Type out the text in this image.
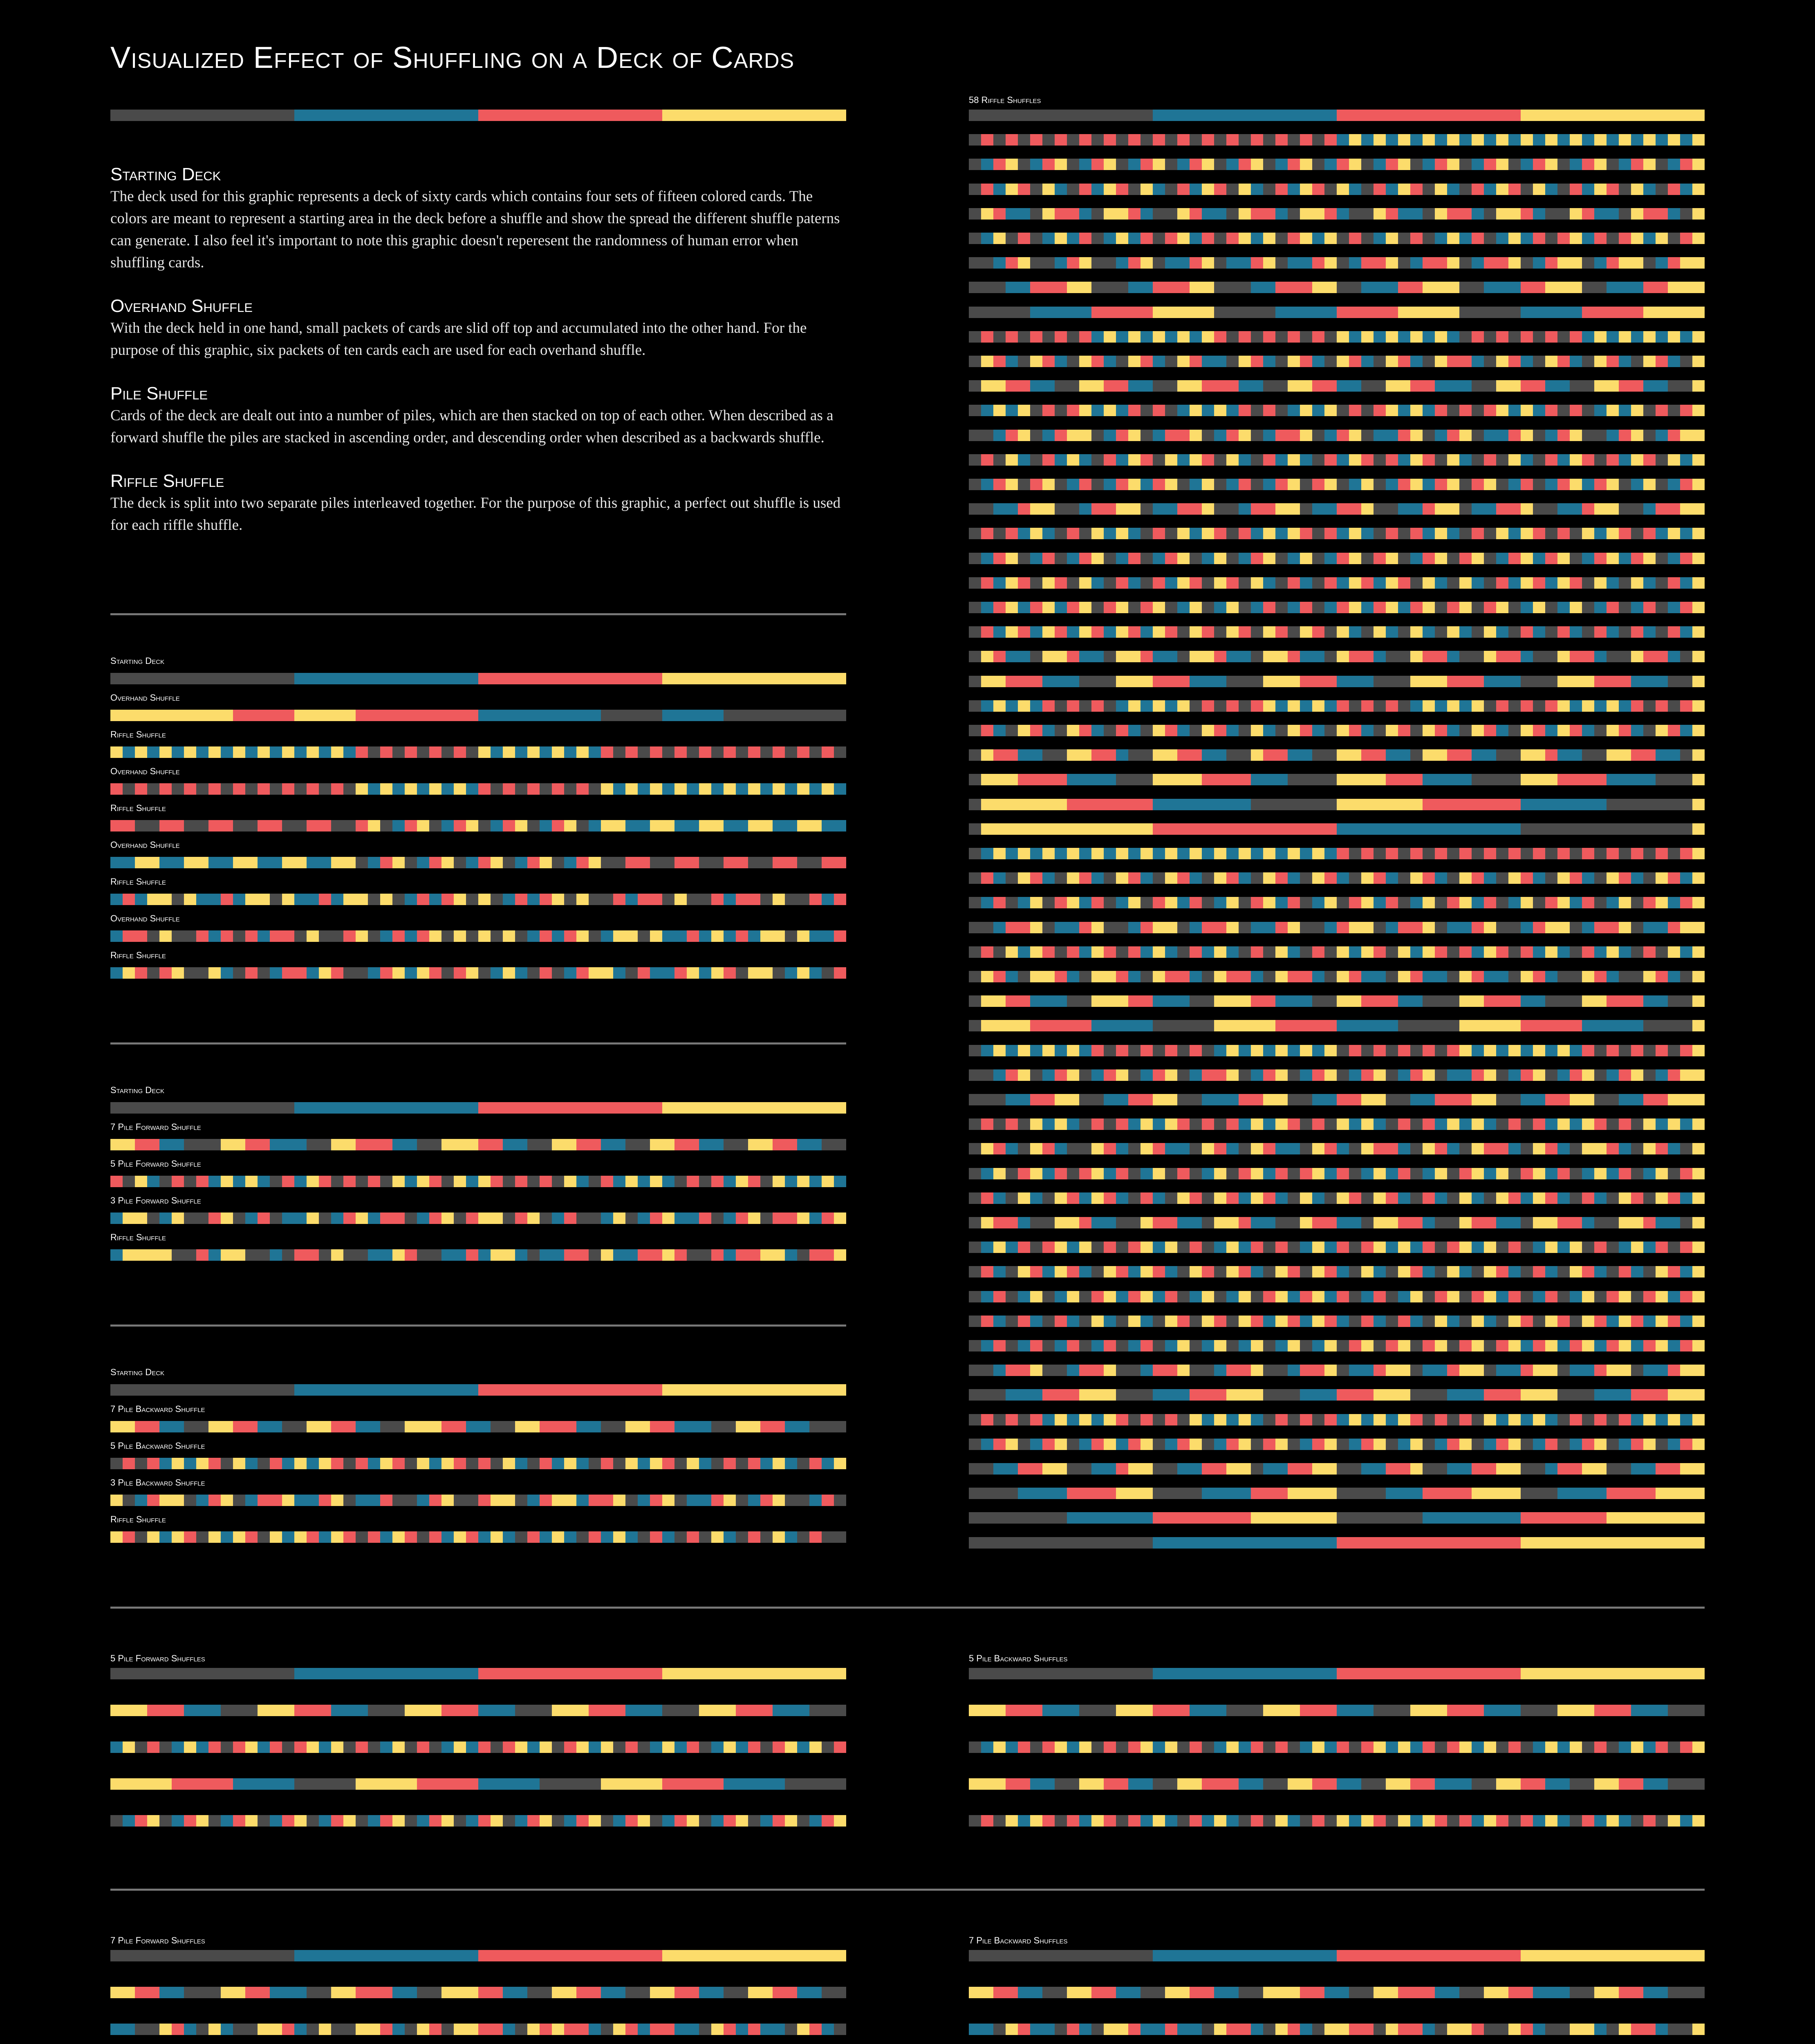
Visualized Effect of Shuffling on a Deck of Cards
Starting Deck

The deck used for this graphic represents a deck of sixty cards which contains four sets of fifteen colored cards. The colors are meant to represent a starting area in the deck before a shuffle and show the spread the different shuffle paterns can generate. I also feel it's important to note this graphic doesn't reperesent the randomness of human error when shuffling cards.

Overhand Shuffle

With the deck held in one hand, small packets of cards are slid off top and accumulated into the other hand. For the purpose of this graphic, six packets of ten cards each are used for each overhand shuffle.

Pile Shuffle

Cards of the deck are dealt out into a number of piles, which are then stacked on top of each other. When described as a forward shuffle the piles are stacked in ascending order, and descending order when described as a backwards shuffle.

Riffle Shuffle

The deck is split into two separate piles interleaved together. For the purpose of this graphic, a perfect out shuffle is used for each riffle shuffle.

Starting Deck
Overhand Shuffle
Riffle Shuffle
Overhand Shuffle
Riffle Shuffle
Overhand Shuffle
Riffle Shuffle
Overhand Shuffle
Riffle Shuffle
Starting Deck
7 Pile Forward Shuffle
5 Pile Forward Shuffle
3 Pile Forward Shuffle
Riffle Shuffle
Starting Deck
7 Pile Backward Shuffle
5 Pile Backward Shuffle
3 Pile Backward Shuffle
Riffle Shuffle
58 Riffle Shuffles
5 Pile Forward Shuffles	5 Pile Backward Shuffles
7 Pile Forward Shuffles	7 Pile Backward Shuffles
